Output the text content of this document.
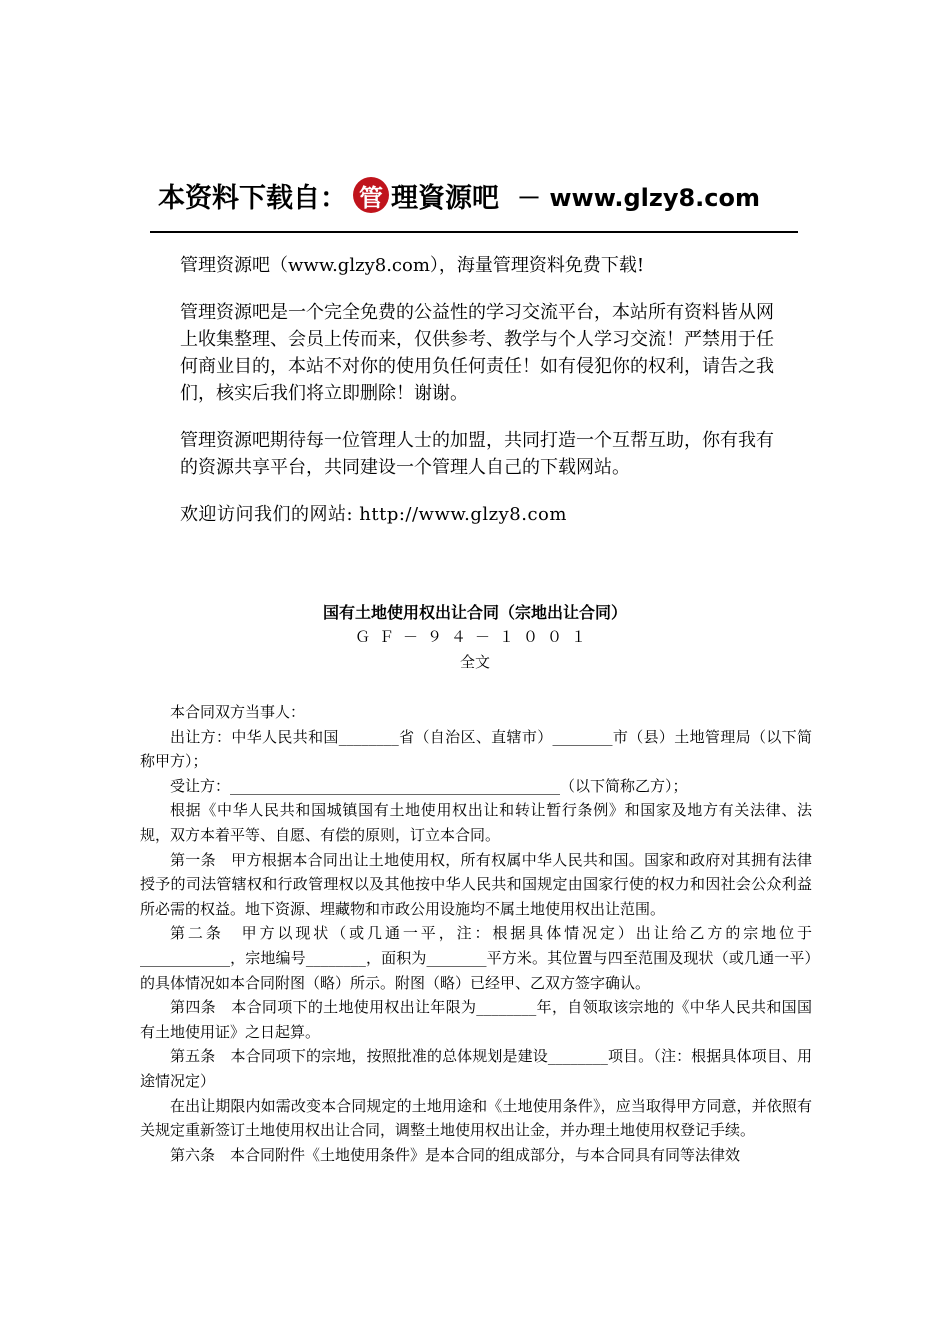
本资料下载自： 管 理資源吧 － www.glzy8.com

管理资源吧（www.glzy8.com），海量管理资料免费下载!

管理资源吧是一个完全免费的公益性的学习交流平台，本站所有资料皆从网上收集整理、会员上传而来，仅供参考、教学与个人学习交流！严禁用于任何商业目的，本站不对你的使用负任何责任！如有侵犯你的权利，请告之我们，核实后我们将立即删除！谢谢。

管理资源吧期待每一位管理人士的加盟，共同打造一个互帮互助，你有我有的资源共享平台，共同建设一个管理人自己的下载网站。

欢迎访问我们的网站: http://www.glzy8.com

国有土地使用权出让合同（宗地出让合同）
ＧＦ－９４－１００１
全文

本合同双方当事人：

出让方：中华人民共和国________省（自治区、直辖市）________市（县）土地管理局（以下简称甲方）；

受让方：____________________________________________（以下简称乙方）；

根据《中华人民共和国城镇国有土地使用权出让和转让暂行条例》和国家及地方有关法律、法规，双方本着平等、自愿、有偿的原则，订立本合同。

第一条　甲方根据本合同出让土地使用权，所有权属中华人民共和国。国家和政府对其拥有法律授予的司法管辖权和行政管理权以及其他按中华人民共和国规定由国家行使的权力和因社会公众利益所必需的权益。地下资源、埋藏物和市政公用设施均不属土地使用权出让范围。

第二条　甲方以现状（或几通一平，注：根据具体情况定）出让给乙方的宗地位于____________，宗地编号________，面积为________平方米。其位置与四至范围及现状（或几通一平）的具体情况如本合同附图（略）所示。附图（略）已经甲、乙双方签字确认。

第四条　本合同项下的土地使用权出让年限为________年，自领取该宗地的《中华人民共和国国有土地使用证》之日起算。

第五条　本合同项下的宗地，按照批准的总体规划是建设________项目。（注：根据具体项目、用途情况定）

在出让期限内如需改变本合同规定的土地用途和《土地使用条件》，应当取得甲方同意，并依照有关规定重新签订土地使用权出让合同，调整土地使用权出让金，并办理土地使用权登记手续。

第六条　本合同附件《土地使用条件》是本合同的组成部分，与本合同具有同等法律效
